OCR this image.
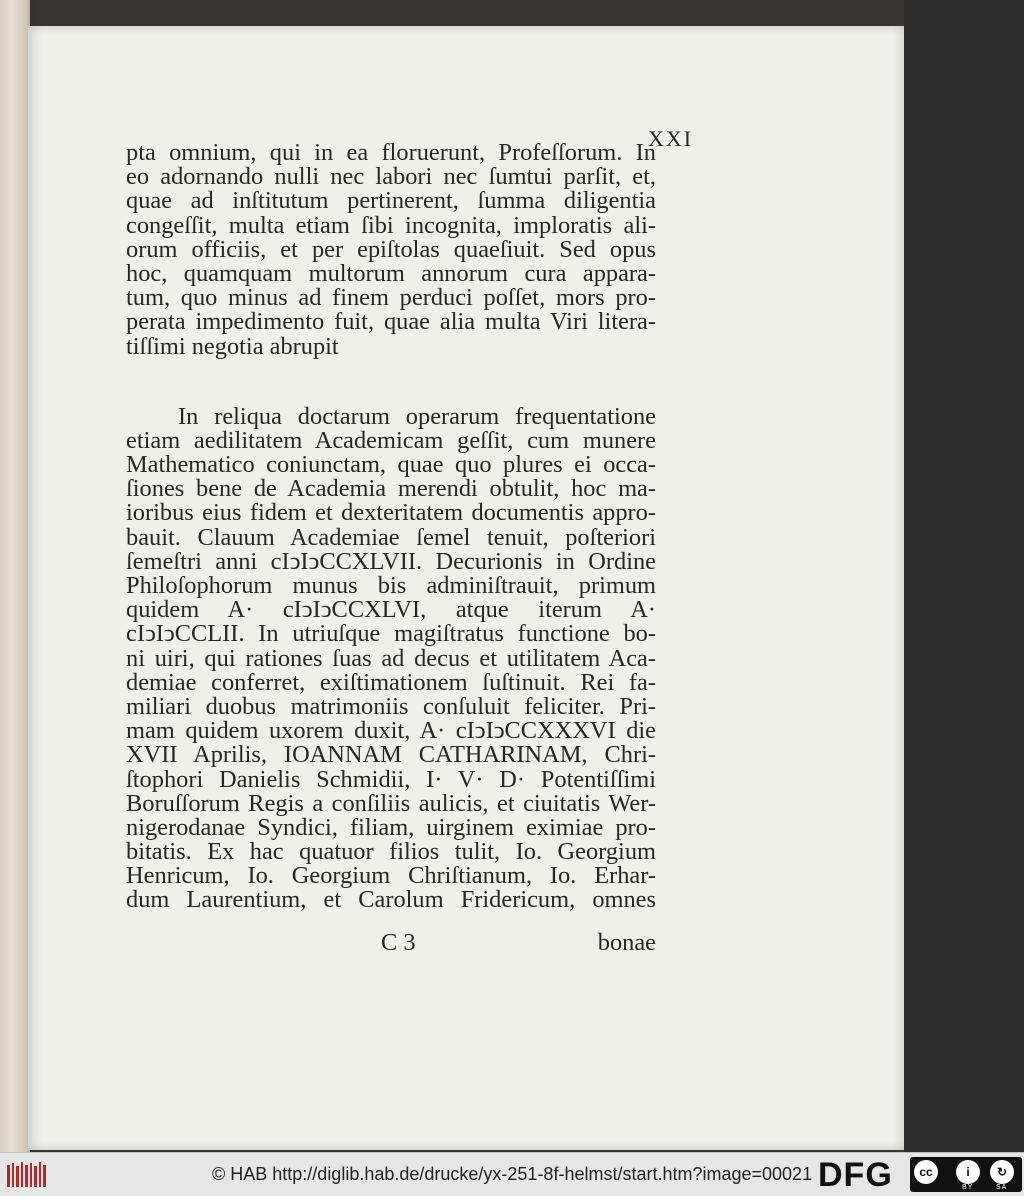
XXI
pta omnium, qui in ea floruerunt, Profeſſorum. In
eo adornando nulli nec labori nec ſumtui parſit, et,
quae ad inſtitutum pertinerent, ſumma diligentia
congeſſit, multa etiam ſibi incognita, imploratis ali-
orum officiis, et per epiſtolas quaeſiuit. Sed opus
hoc, quamquam multorum annorum cura appara-
tum, quo minus ad finem perduci poſſet, mors pro-
perata impedimento fuit, quae alia multa Viri litera-
tiſſimi negotia abrupit
In reliqua doctarum operarum frequentatione
etiam aedilitatem Academicam geſſit, cum munere
Mathematico coniunctam, quae quo plures ei occa-
ſiones bene de Academia merendi obtulit, hoc ma-
ioribus eius fidem et dexteritatem documentis appro-
bauit. Clauum Academiae ſemel tenuit, poſteriori
ſemeſtri anni cIↄIↄCCXLVII. Decurionis in Ordine
Philoſophorum munus bis adminiſtrauit, primum
quidem A· cIↄIↄCCXLVI, atque iterum A·
cIↄIↄCCLII. In utriuſque magiſtratus functione bo-
ni uiri, qui rationes ſuas ad decus et utilitatem Aca-
demiae conferret, exiſtimationem ſuſtinuit. Rei fa-
miliari duobus matrimoniis conſuluit feliciter. Pri-
mam quidem uxorem duxit, A· cIↄIↄCCXXXVI die
XVII Aprilis, IOANNAM CATHARINAM, Chri-
ſtophori Danielis Schmidii, I· V· D· Potentiſſimi
Boruſſorum Regis a conſiliis aulicis, et ciuitatis Wer-
nigerodanae Syndici, filiam, uirginem eximiae pro-
bitatis. Ex hac quatuor filios tulit, Io. Georgium
Henricum, Io. Georgium Chriſtianum, Io. Erhar-
dum Laurentium, et Carolum Fridericum, omnes
C 3	bonae
© HAB http://diglib.hab.de/drucke/yx-251-8f-helmst/start.htm?image=00021 DFG	cc	i	↻
BY	SA
